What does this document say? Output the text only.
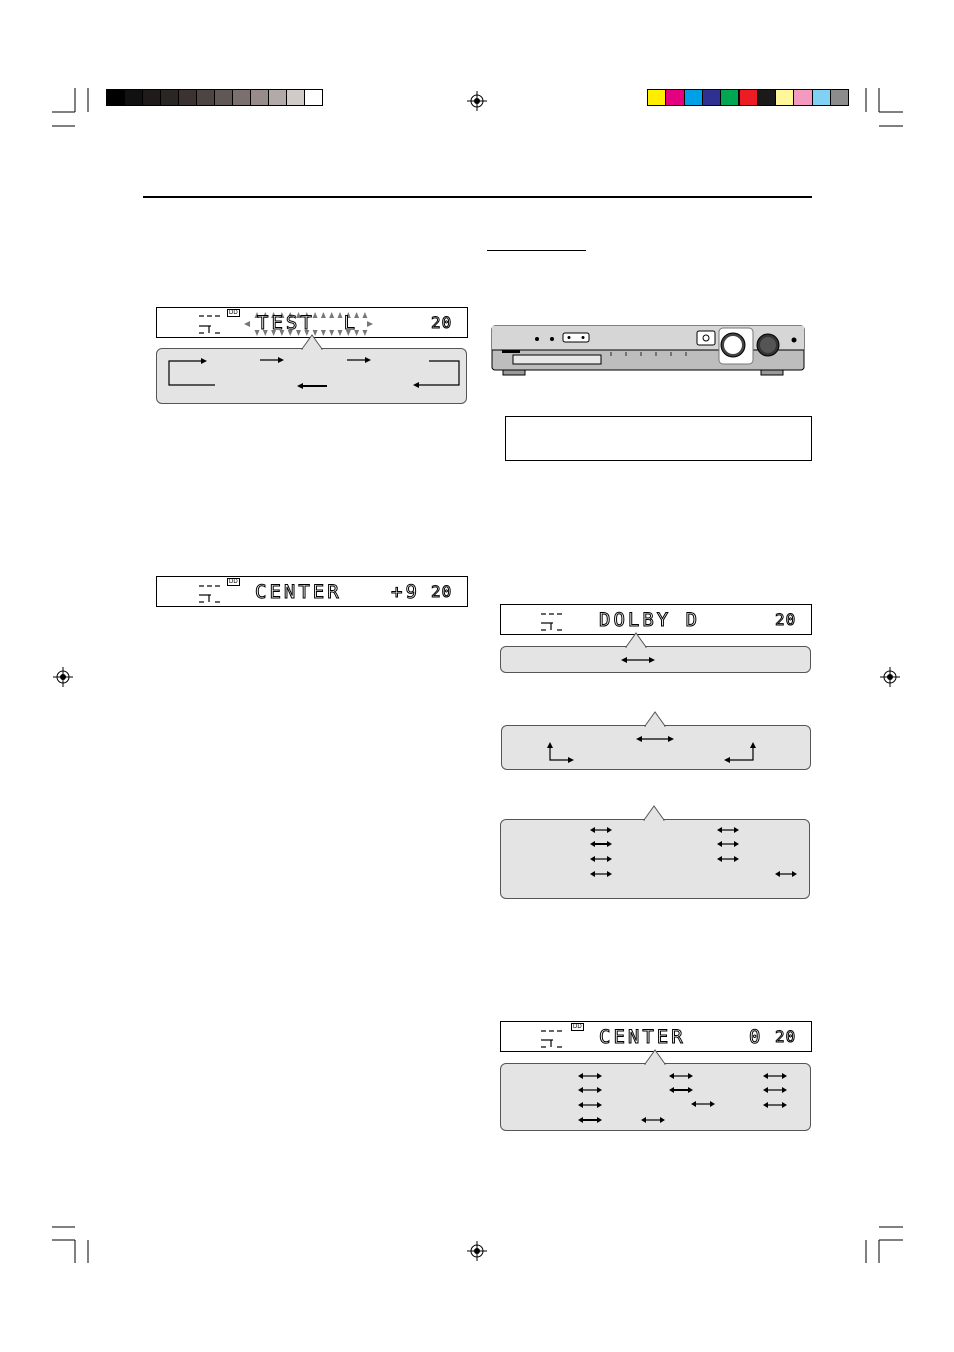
DD TEST  L	20
DD CENTER	+9 20
DOLBY D	20
DD CENTER	0 20
